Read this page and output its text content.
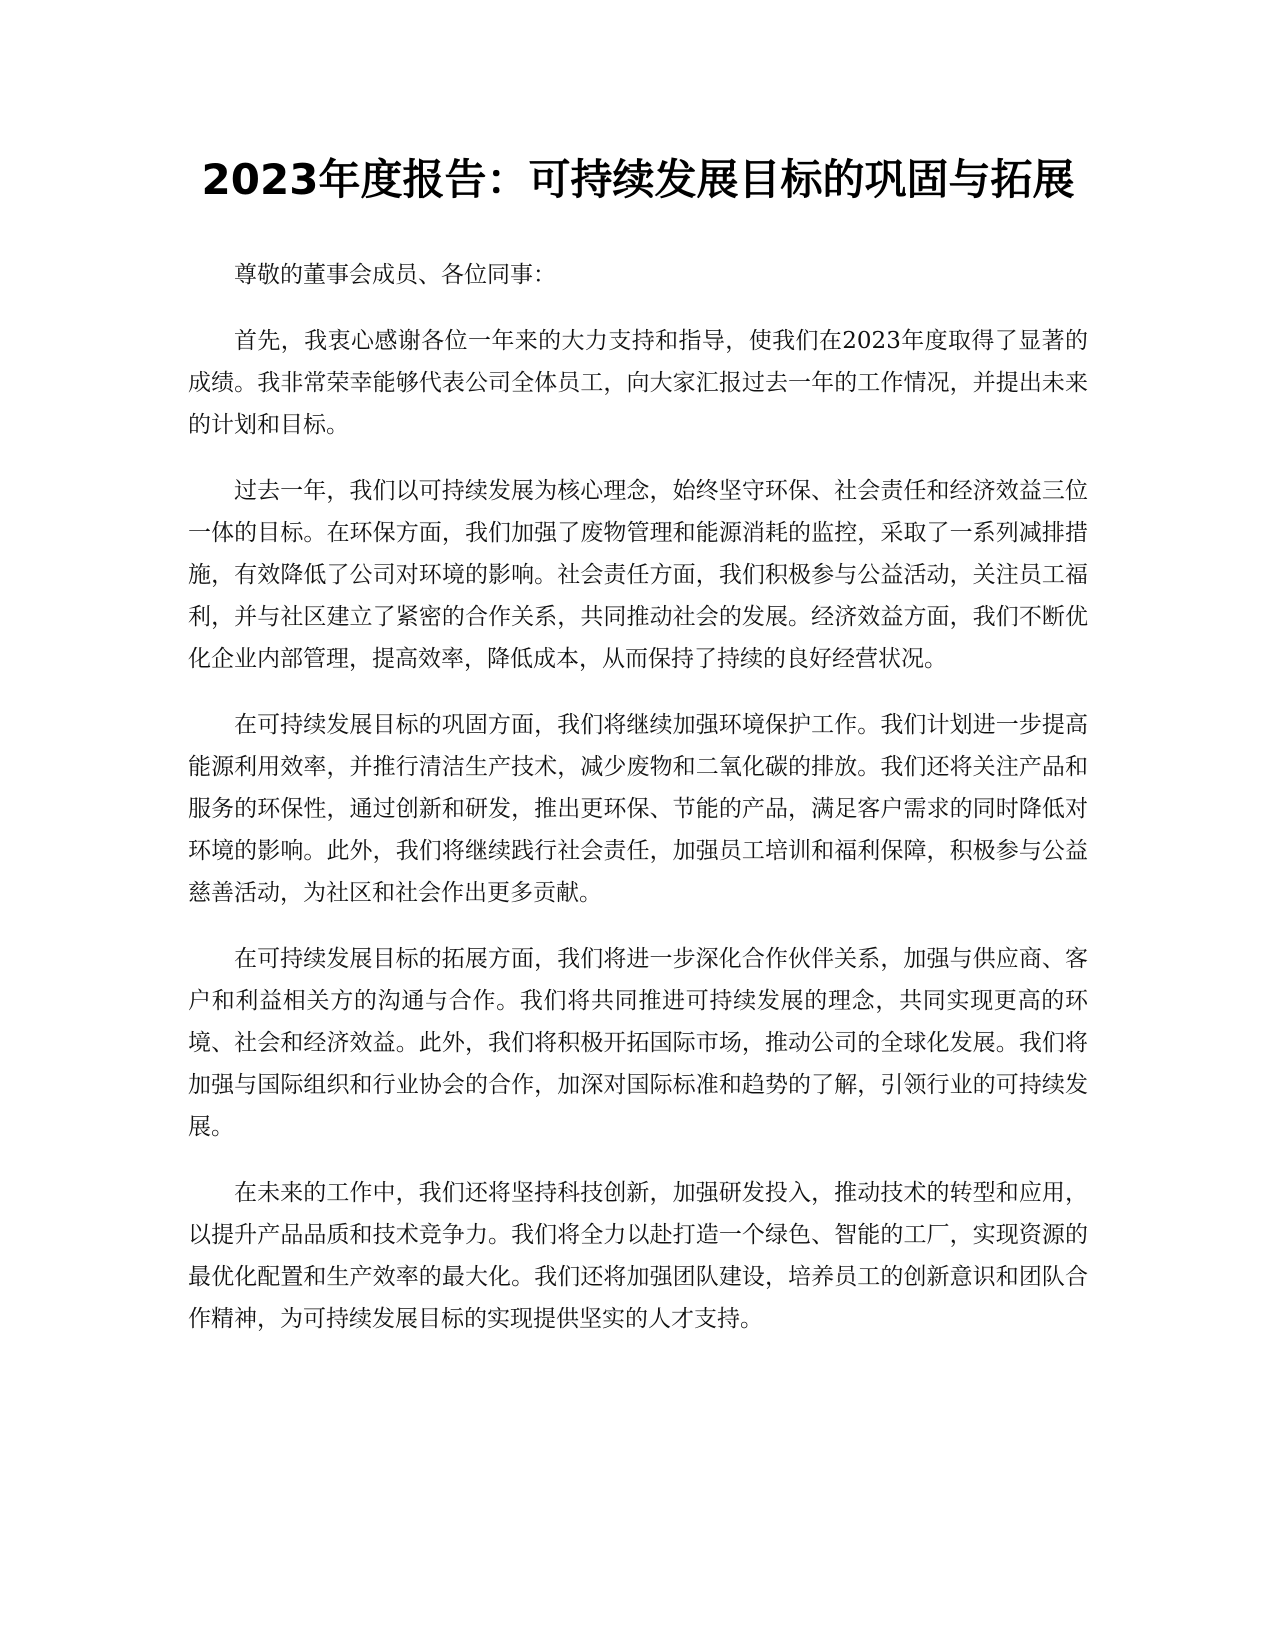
2023年度报告：可持续发展目标的巩固与拓展

尊敬的董事会成员、各位同事：

首先，我衷心感谢各位一年来的大力支持和指导，使我们在2023年度取得了显著的成绩。我非常荣幸能够代表公司全体员工，向大家汇报过去一年的工作情况，并提出未来的计划和目标。

过去一年，我们以可持续发展为核心理念，始终坚守环保、社会责任和经济效益三位一体的目标。在环保方面，我们加强了废物管理和能源消耗的监控，采取了一系列减排措施，有效降低了公司对环境的影响。社会责任方面，我们积极参与公益活动，关注员工福利，并与社区建立了紧密的合作关系，共同推动社会的发展。经济效益方面，我们不断优化企业内部管理，提高效率，降低成本，从而保持了持续的良好经营状况。

在可持续发展目标的巩固方面，我们将继续加强环境保护工作。我们计划进一步提高能源利用效率，并推行清洁生产技术，减少废物和二氧化碳的排放。我们还将关注产品和服务的环保性，通过创新和研发，推出更环保、节能的产品，满足客户需求的同时降低对环境的影响。此外，我们将继续践行社会责任，加强员工培训和福利保障，积极参与公益慈善活动，为社区和社会作出更多贡献。

在可持续发展目标的拓展方面，我们将进一步深化合作伙伴关系，加强与供应商、客户和利益相关方的沟通与合作。我们将共同推进可持续发展的理念，共同实现更高的环境、社会和经济效益。此外，我们将积极开拓国际市场，推动公司的全球化发展。我们将加强与国际组织和行业协会的合作，加深对国际标准和趋势的了解，引领行业的可持续发展。

在未来的工作中，我们还将坚持科技创新，加强研发投入，推动技术的转型和应用，以提升产品品质和技术竞争力。我们将全力以赴打造一个绿色、智能的工厂，实现资源的最优化配置和生产效率的最大化。我们还将加强团队建设，培养员工的创新意识和团队合作精神，为可持续发展目标的实现提供坚实的人才支持。
